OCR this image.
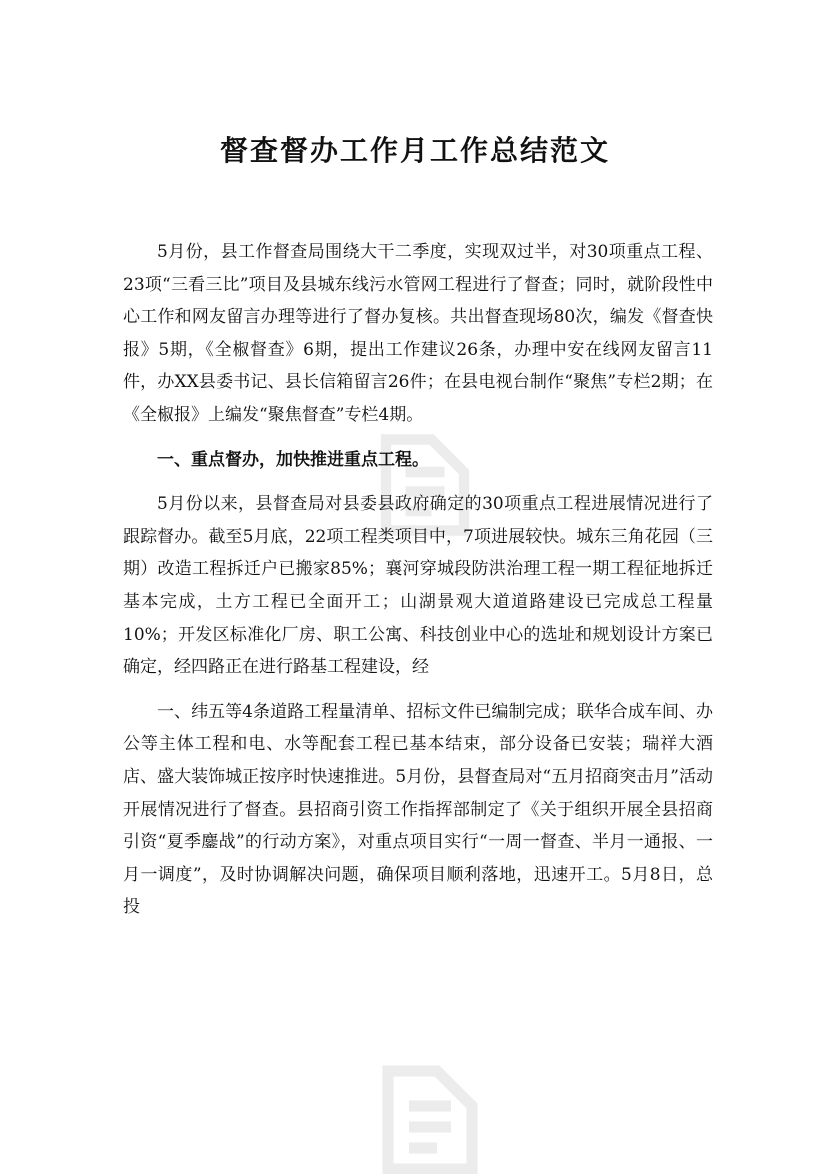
督查督办工作月工作总结范文

5月份，县工作督查局围绕大干二季度，实现双过半，对30项重点工程、23项“三看三比”项目及县城东线污水管网工程进行了督查；同时，就阶段性中心工作和网友留言办理等进行了督办复核。共出督查现场80次，编发《督查快报》5期，《全椒督查》6期，提出工作建议26条，办理中安在线网友留言11件，办XX县委书记、县长信箱留言26件；在县电视台制作“聚焦”专栏2期；在《全椒报》上编发“聚焦督查”专栏4期。

一、重点督办，加快推进重点工程。

5月份以来，县督查局对县委县政府确定的30项重点工程进展情况进行了跟踪督办。截至5月底，22项工程类项目中，7项进展较快。城东三角花园（三期）改造工程拆迁户已搬家85%；襄河穿城段防洪治理工程一期工程征地拆迁基本完成，土方工程已全面开工；山湖景观大道道路建设已完成总工程量10%；开发区标准化厂房、职工公寓、科技创业中心的选址和规划设计方案已确定，经四路正在进行路基工程建设，经

一、纬五等4条道路工程量清单、招标文件已编制完成；联华合成车间、办公等主体工程和电、水等配套工程已基本结束，部分设备已安装；瑞祥大酒店、盛大装饰城正按序时快速推进。5月份，县督查局对“五月招商突击月”活动开展情况进行了督查。县招商引资工作指挥部制定了《关于组织开展全县招商引资“夏季鏖战”的行动方案》，对重点项目实行“一周一督查、半月一通报、一月一调度”，及时协调解决问题，确保项目顺利落地，迅速开工。5月8日，总投
